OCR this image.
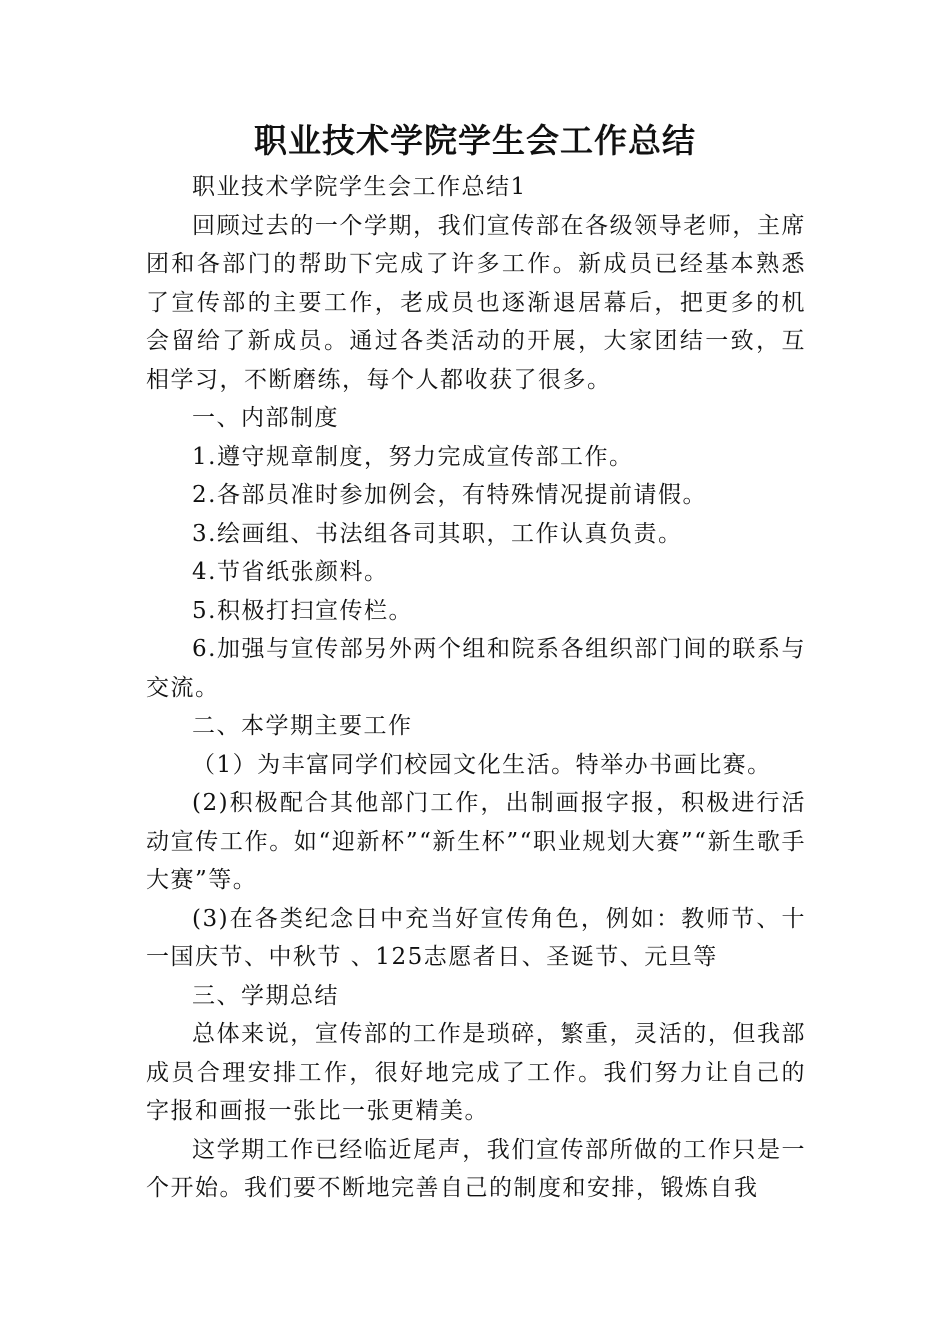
职业技术学院学生会工作总结

职业技术学院学生会工作总结1

回顾过去的一个学期，我们宣传部在各级领导老师，主席团和各部门的帮助下完成了许多工作。新成员已经基本熟悉了宣传部的主要工作，老成员也逐渐退居幕后，把更多的机会留给了新成员。通过各类活动的开展，大家团结一致，互相学习，不断磨练，每个人都收获了很多。

一、内部制度

1.遵守规章制度，努力完成宣传部工作。

2.各部员准时参加例会，有特殊情况提前请假。

3.绘画组、书法组各司其职，工作认真负责。

4.节省纸张颜料。

5.积极打扫宣传栏。

6.加强与宣传部另外两个组和院系各组织部门间的联系与交流。

二、本学期主要工作

（1）为丰富同学们校园文化生活。特举办书画比赛。

(2)积极配合其他部门工作，出制画报字报，积极进行活动宣传工作。如“迎新杯”“新生杯”“职业规划大赛”“新生歌手大赛”等。

(3)在各类纪念日中充当好宣传角色，例如：教师节、十一国庆节、中秋节 、125志愿者日、圣诞节、元旦等

三、学期总结

总体来说，宣传部的工作是琐碎，繁重，灵活的，但我部成员合理安排工作，很好地完成了工作。我们努力让自己的字报和画报一张比一张更精美。

这学期工作已经临近尾声，我们宣传部所做的工作只是一个开始。我们要不断地完善自己的制度和安排，锻炼自我
